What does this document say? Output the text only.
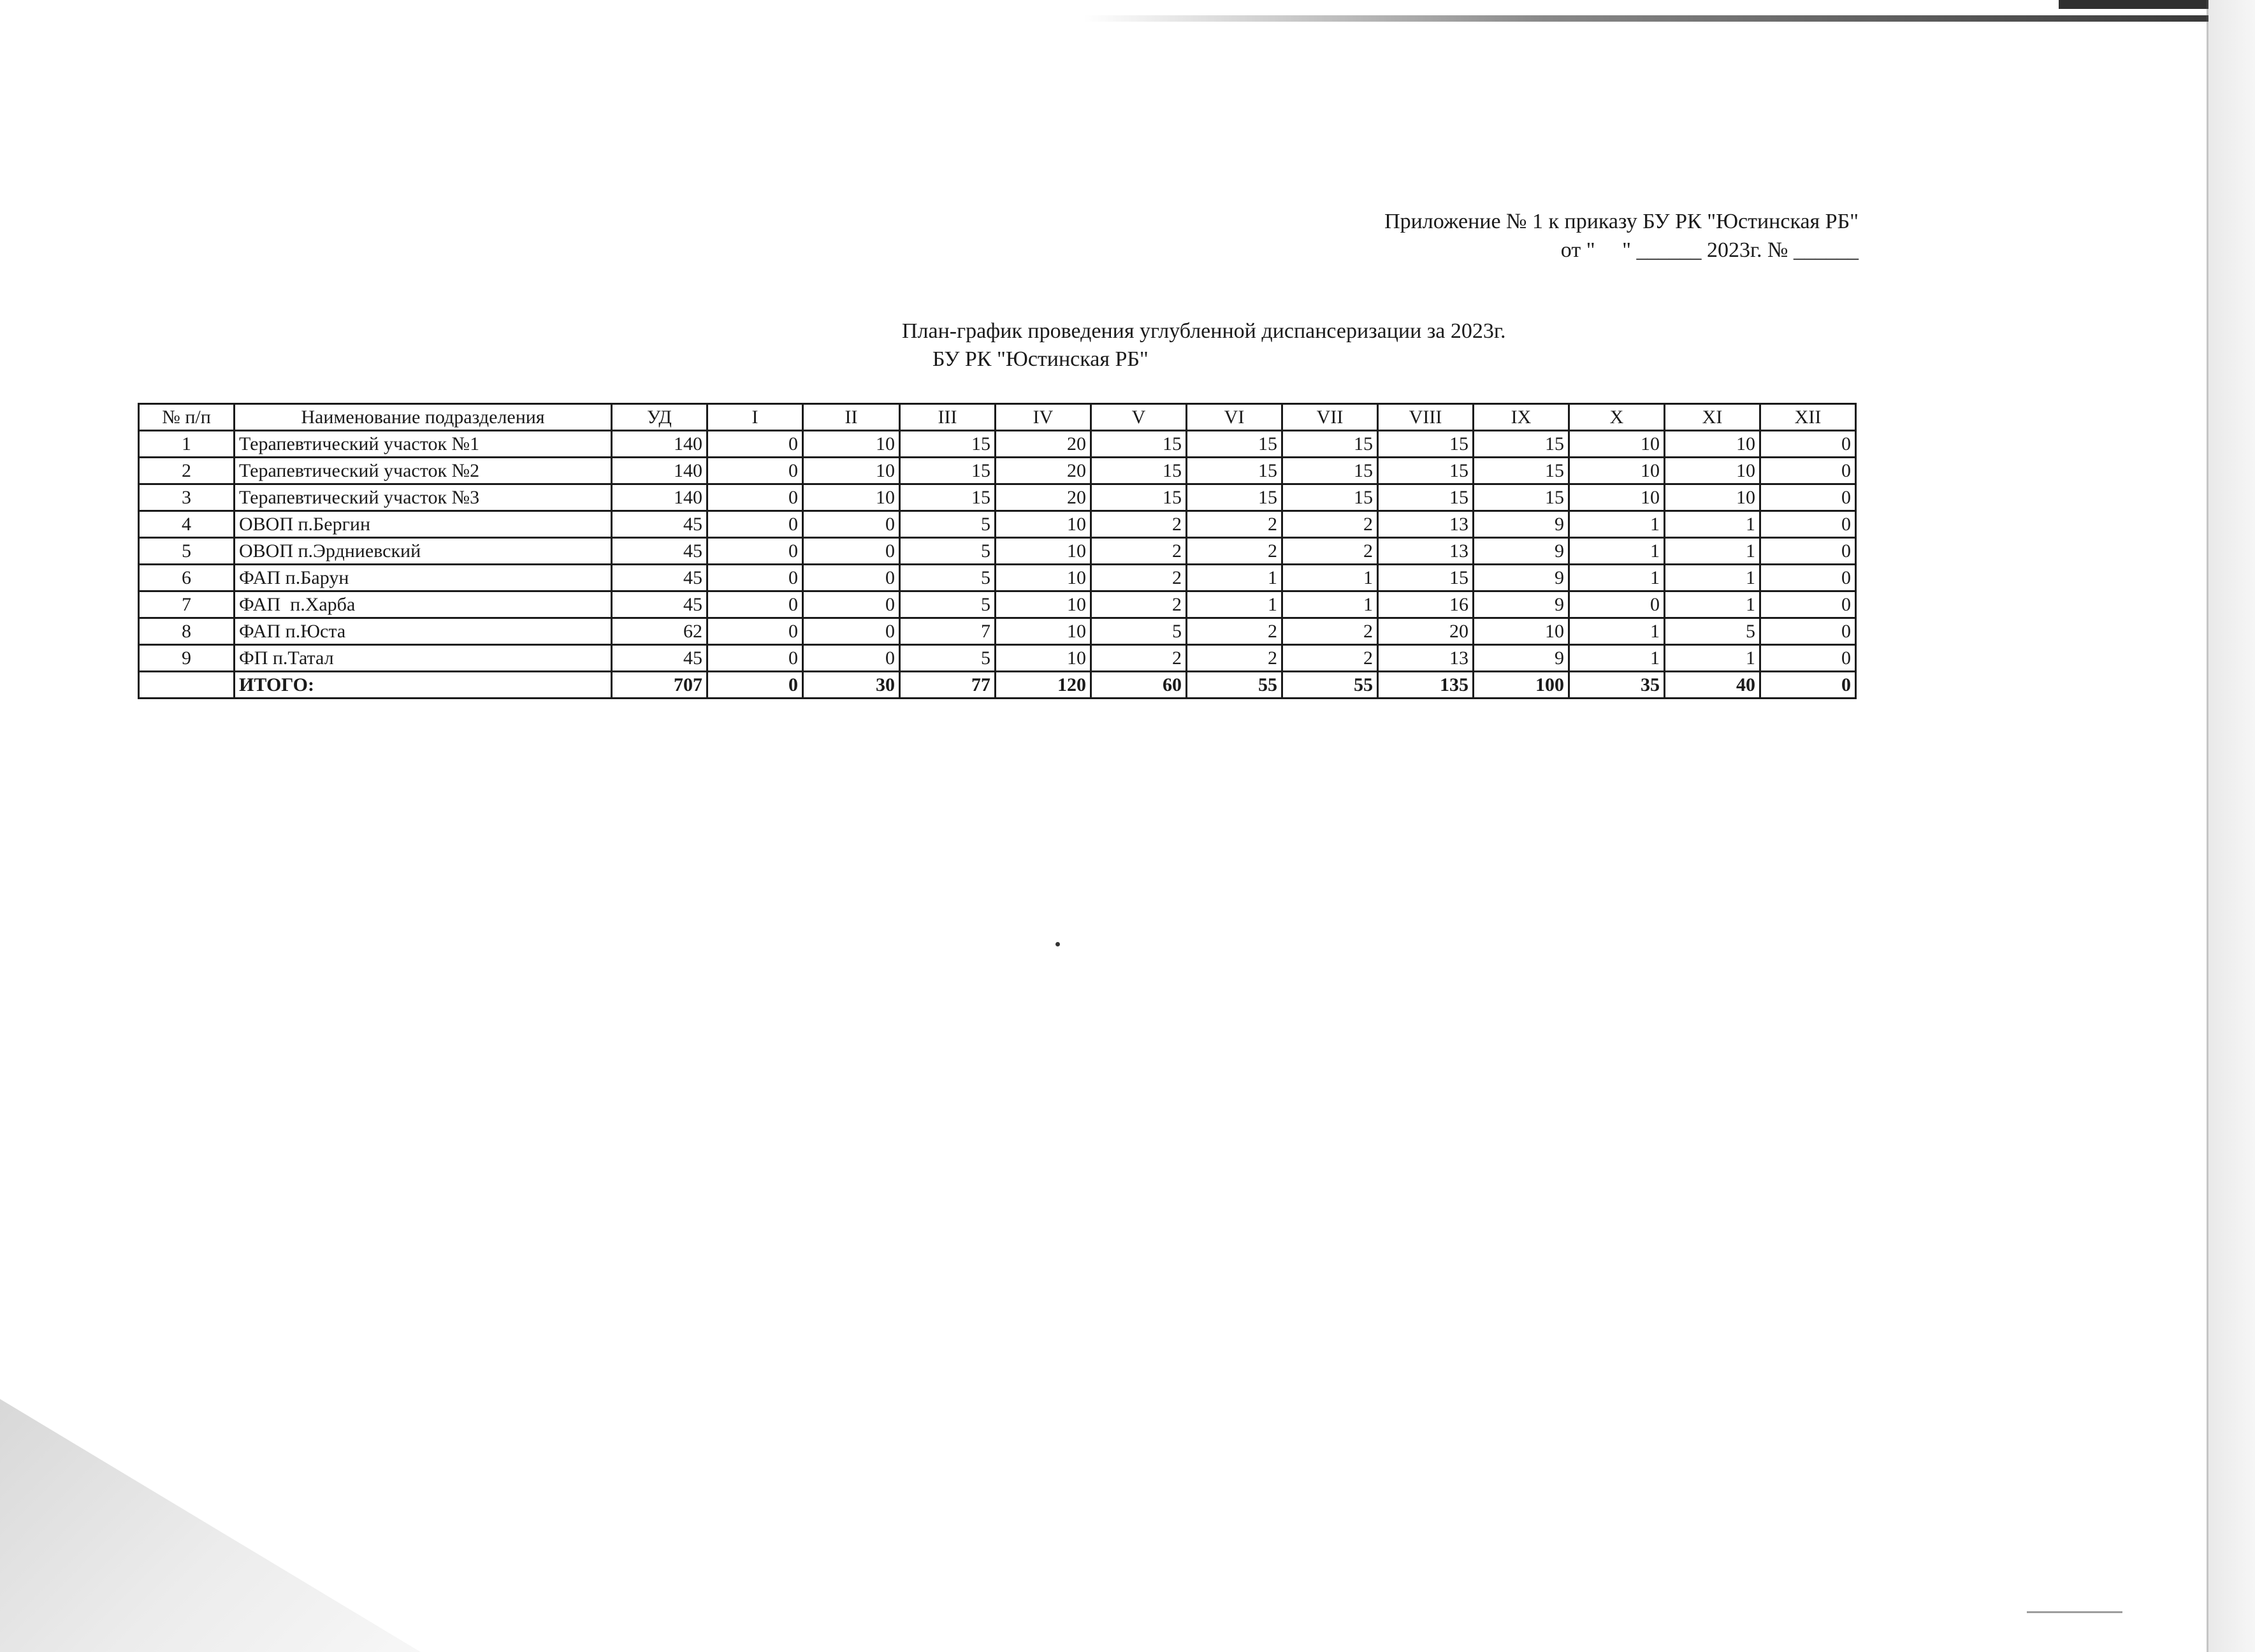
Приложение № 1 к приказу БУ РК "Юстинская РБ"
от "     " ______ 2023г. № ______
План-график проведения углубленной диспансеризации за 2023г.
БУ РК "Юстинская РБ"
№ п/п	Наименование подразделения	УД	I	II	III	IV	V	VI	VII	VIII	IX	X	XI	XII
1	Терапевтический участок №1	140	0	10	15	20	15	15	15	15	15	10	10	0
2	Терапевтический участок №2	140	0	10	15	20	15	15	15	15	15	10	10	0
3	Терапевтический участок №3	140	0	10	15	20	15	15	15	15	15	10	10	0
4	ОВОП п.Бергин	45	0	0	5	10	2	2	2	13	9	1	1	0
5	ОВОП п.Эрдниевский	45	0	0	5	10	2	2	2	13	9	1	1	0
6	ФАП п.Барун	45	0	0	5	10	2	1	1	15	9	1	1	0
7	ФАП  п.Харба	45	0	0	5	10	2	1	1	16	9	0	1	0
8	ФАП п.Юста	62	0	0	7	10	5	2	2	20	10	1	5	0
9	ФП п.Татал	45	0	0	5	10	2	2	2	13	9	1	1	0
	ИТОГО:	707	0	30	77	120	60	55	55	135	100	35	40	0
